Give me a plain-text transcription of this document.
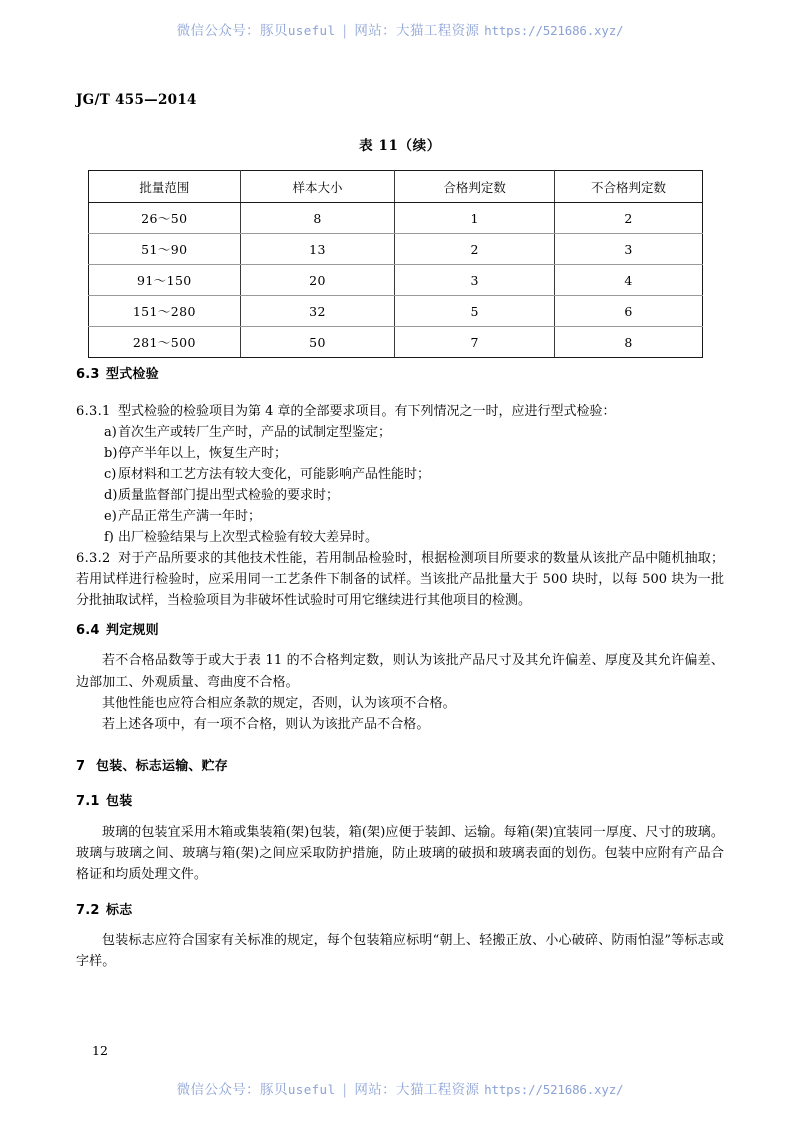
微信公众号：豚贝useful | 网站：大猫工程资源 https://521686.xyz/
JG/T 455—2014
表 11（续）
批量范围	样本大小	合格判定数	不合格判定数
26～50	8	1	2
51～90	13	2	3
91～150	20	3	4
151～280	32	5	6
281～500	50	7	8
6.3 型式检验

6.3.1 型式检验的检验项目为第 4 章的全部要求项目。有下列情况之一时，应进行型式检验：

a)首次生产或转厂生产时，产品的试制定型鉴定；
b)停产半年以上，恢复生产时；
c) 原材料和工艺方法有较大变化，可能影响产品性能时；
d)质量监督部门提出型式检验的要求时；
e)产品正常生产满一年时；
f) 出厂检验结果与上次型式检验有较大差异时。

6.3.2 对于产品所要求的其他技术性能，若用制品检验时，根据检测项目所要求的数量从该批产品中随机抽取；若用试样进行检验时，应采用同一工艺条件下制备的试样。当该批产品批量大于 500 块时，以每 500 块为一批分批抽取试样，当检验项目为非破坏性试验时可用它继续进行其他项目的检测。

6.4 判定规则

若不合格品数等于或大于表 11 的不合格判定数，则认为该批产品尺寸及其允许偏差、厚度及其允许偏差、边部加工、外观质量、弯曲度不合格。

其他性能也应符合相应条款的规定，否则，认为该项不合格。

若上述各项中，有一项不合格，则认为该批产品不合格。

7 包装、标志运输、贮存
7.1 包装

玻璃的包装宜采用木箱或集装箱(架)包装，箱(架)应便于装卸、运输。每箱(架)宜装同一厚度、尺寸的玻璃。玻璃与玻璃之间、玻璃与箱(架)之间应采取防护措施，防止玻璃的破损和玻璃表面的划伤。包装中应附有产品合格证和均质处理文件。

7.2 标志

包装标志应符合国家有关标准的规定，每个包装箱应标明“朝上、轻搬正放、小心破碎、防雨怕湿”等标志或字样。

12
微信公众号：豚贝useful | 网站：大猫工程资源 https://521686.xyz/
